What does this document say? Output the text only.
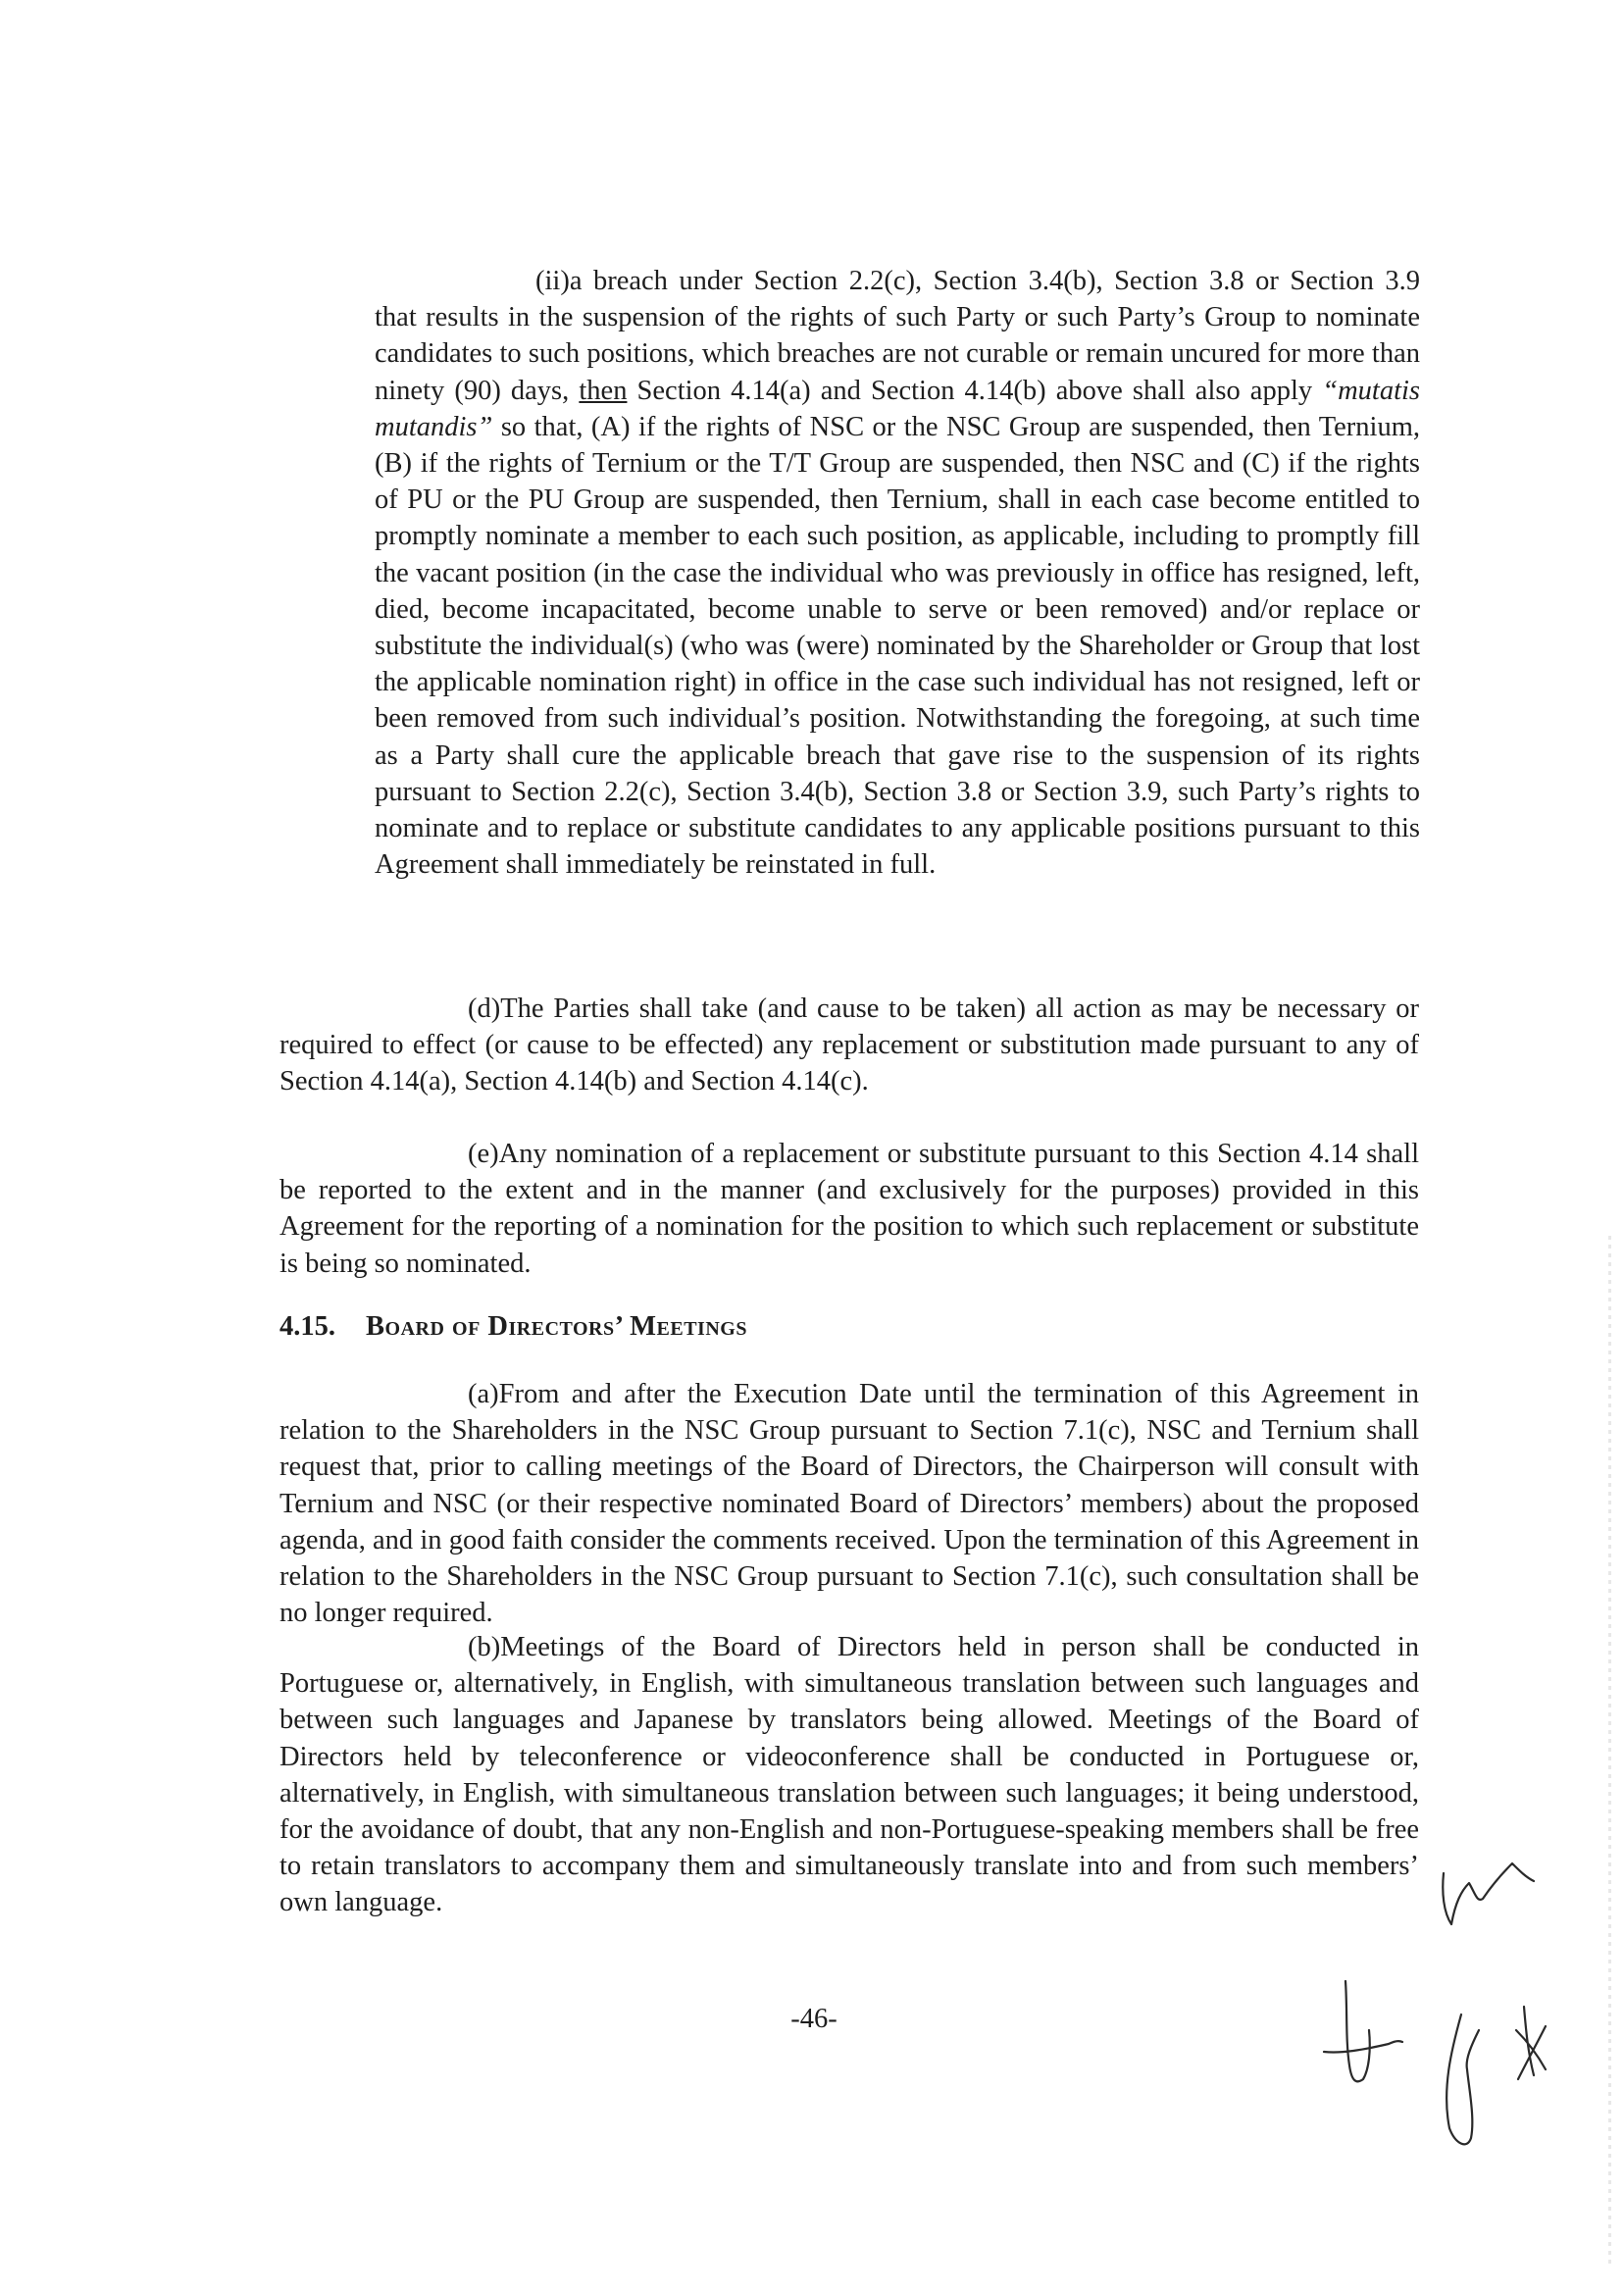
(ii)a breach under Section 2.2(c), Section 3.4(b), Section 3.8 or Section 3.9 that results in the suspension of the rights of such Party or such Party’s Group to nominate candidates to such positions, which breaches are not curable or remain uncured for more than ninety (90) days, then Section 4.14(a) and Section 4.14(b) above shall also apply “mutatis mutandis” so that, (A) if the rights of NSC or the NSC Group are suspended, then Ternium, (B) if the rights of Ternium or the T/T Group are suspended, then NSC and (C) if the rights of PU or the PU Group are suspended, then Ternium, shall in each case become entitled to promptly nominate a member to each such position, as applicable, including to promptly fill the vacant position (in the case the individual who was previously in office has resigned, left, died, become incapacitated, become unable to serve or been removed) and/or replace or substitute the individual(s) (who was (were) nominated by the Shareholder or Group that lost the applicable nomination right) in office in the case such individual has not resigned, left or been removed from such individual’s position. Notwithstanding the foregoing, at such time as a Party shall cure the applicable breach that gave rise to the suspension of its rights pursuant to Section 2.2(c), Section 3.4(b), Section 3.8 or Section 3.9, such Party’s rights to nominate and to replace or substitute candidates to any applicable positions pursuant to this Agreement shall immediately be reinstated in full.

(d)The Parties shall take (and cause to be taken) all action as may be necessary or required to effect (or cause to be effected) any replacement or substitution made pursuant to any of Section 4.14(a), Section 4.14(b) and Section 4.14(c).

(e)Any nomination of a replacement or substitute pursuant to this Section 4.14 shall be reported to the extent and in the manner (and exclusively for the purposes) provided in this Agreement for the reporting of a nomination for the position to which such replacement or substitute is being so nominated.

4.15. Board of Directors’ Meetings

(a)From and after the Execution Date until the termination of this Agreement in relation to the Shareholders in the NSC Group pursuant to Section 7.1(c), NSC and Ternium shall request that, prior to calling meetings of the Board of Directors, the Chairperson will consult with Ternium and NSC (or their respective nominated Board of Directors’ members) about the proposed agenda, and in good faith consider the comments received. Upon the termination of this Agreement in relation to the Shareholders in the NSC Group pursuant to Section 7.1(c), such consultation shall be no longer required.

(b)Meetings of the Board of Directors held in person shall be conducted in Portuguese or, alternatively, in English, with simultaneous translation between such languages and between such languages and Japanese by translators being allowed. Meetings of the Board of Directors held by teleconference or videoconference shall be conducted in Portuguese or, alternatively, in English, with simultaneous translation between such languages; it being understood, for the avoidance of doubt, that any non-English and non-Portuguese-speaking members shall be free to retain translators to accompany them and simultaneously translate into and from such members’ own language.

-46-
